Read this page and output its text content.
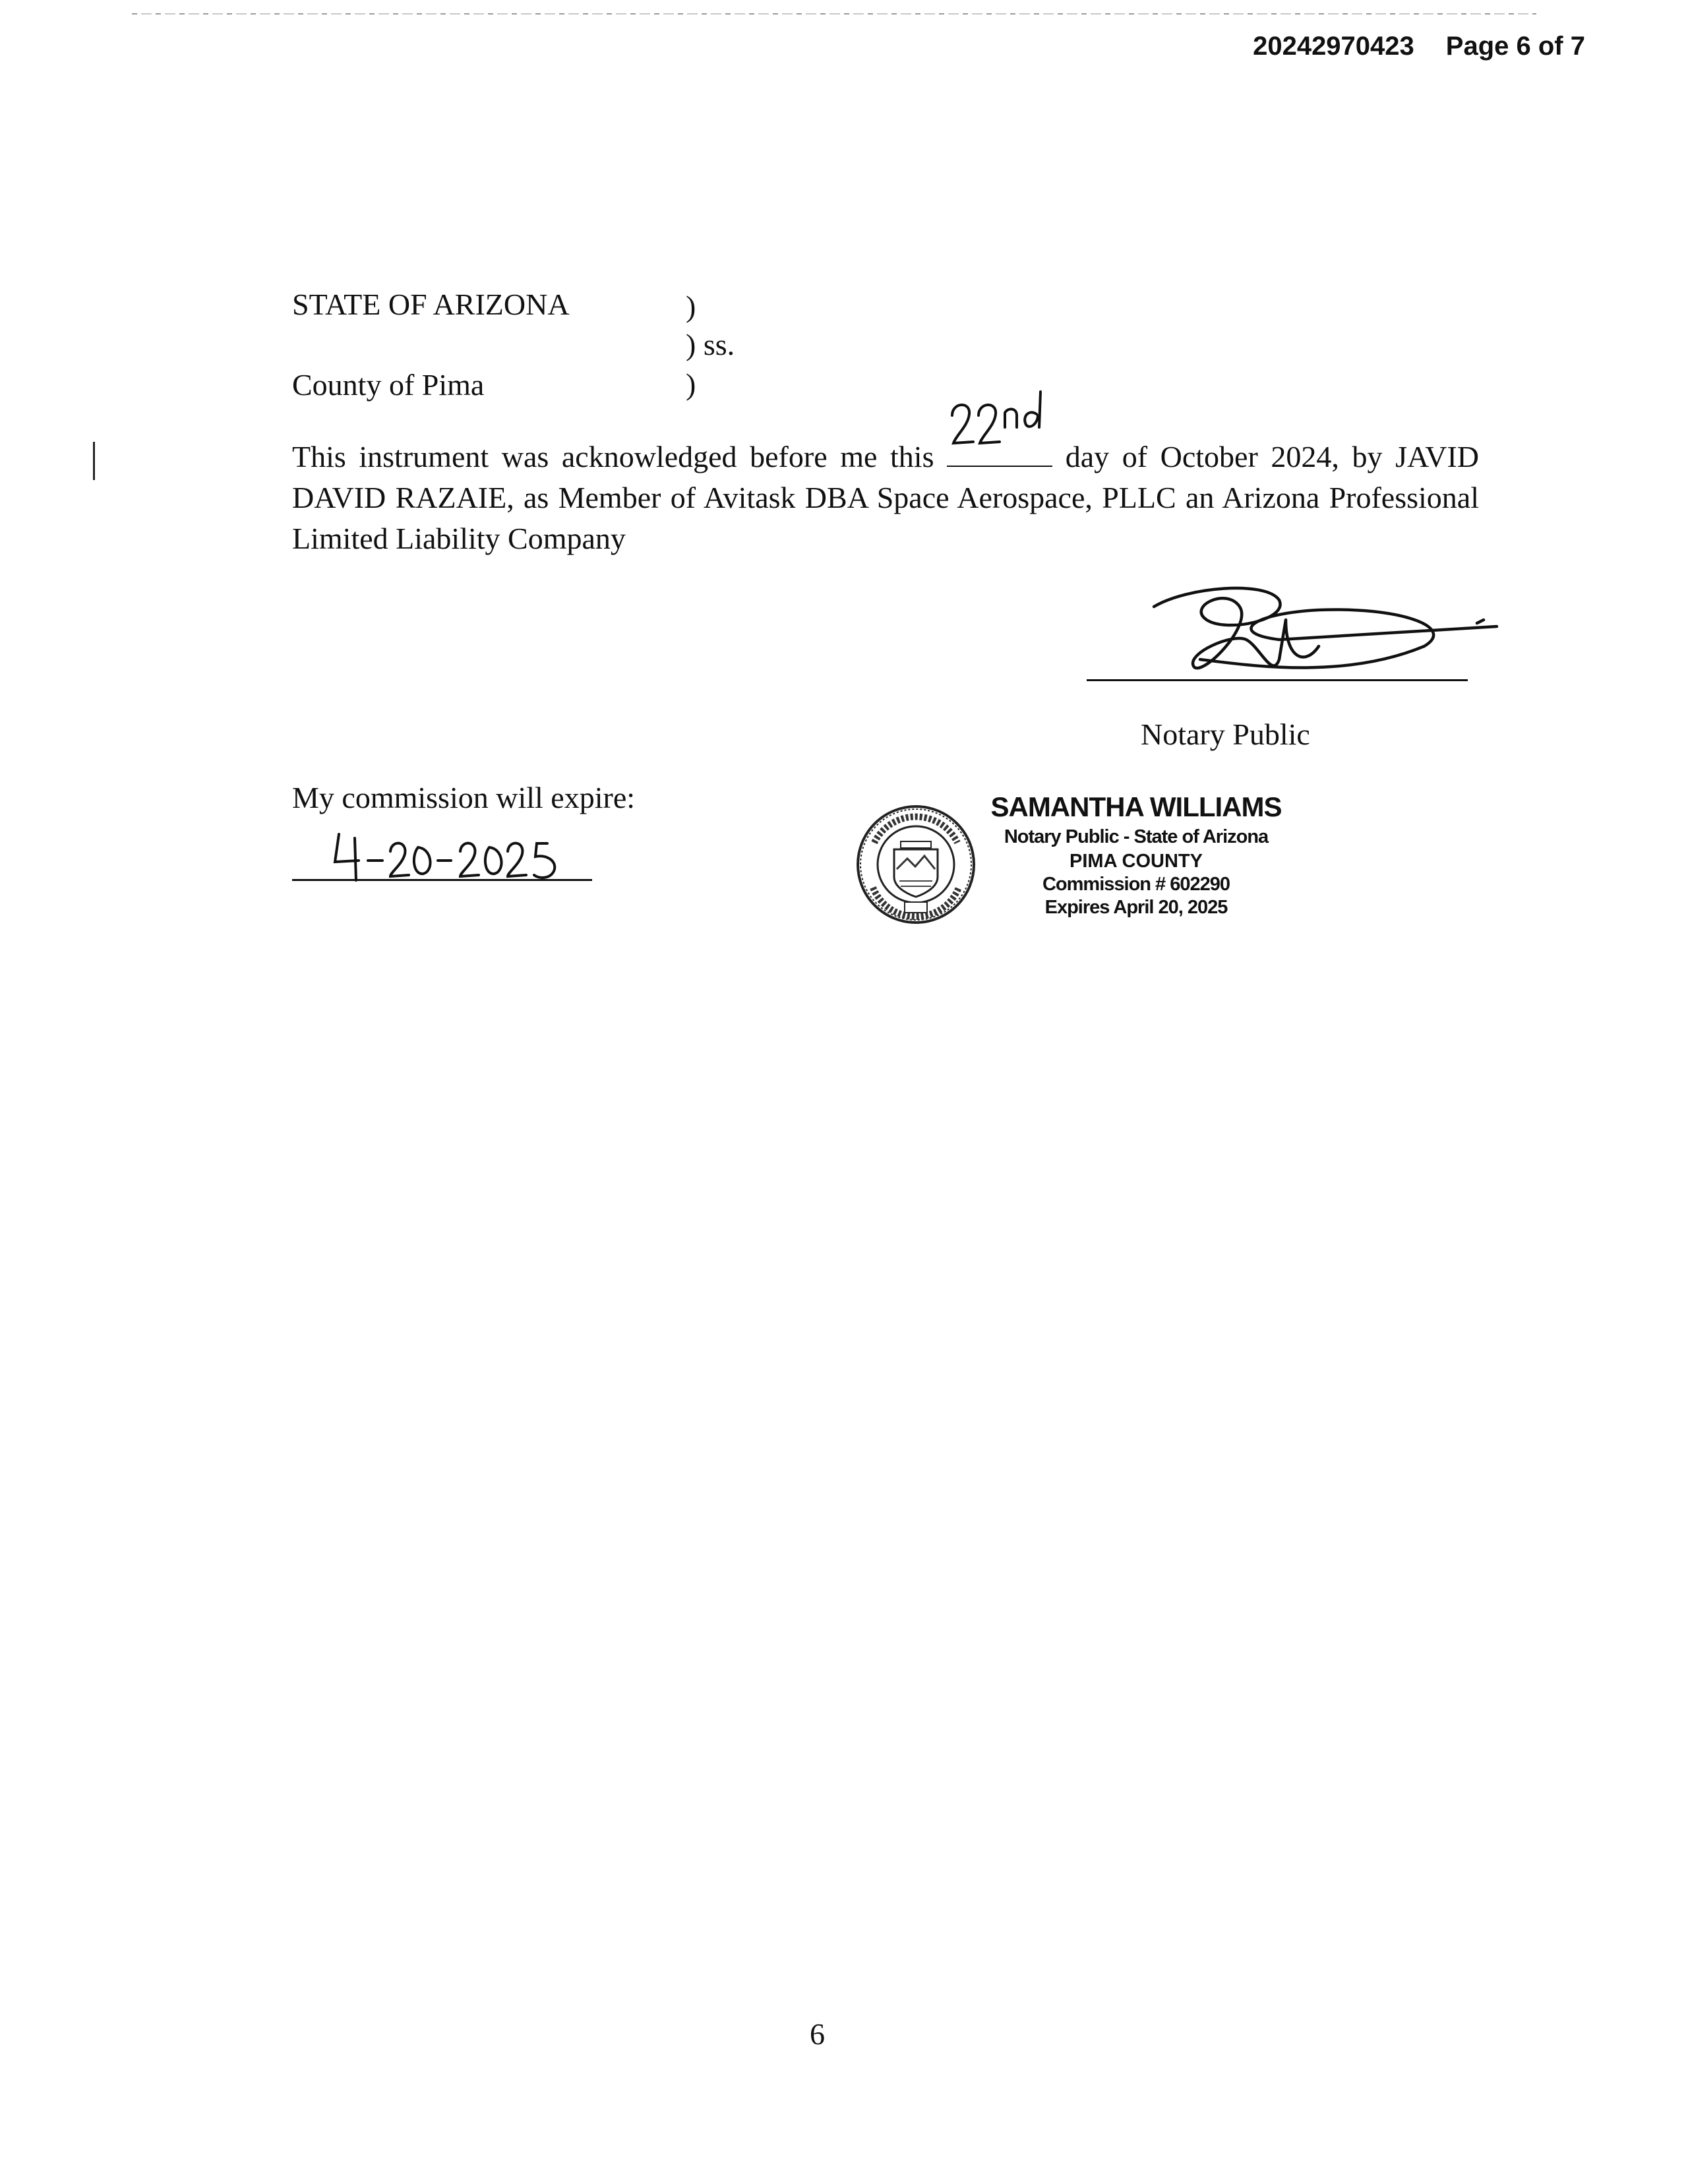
20242970423 Page 6 of 7
STATE OF ARIZONA
County of Pima
)
) ss.
)
This instrument was acknowledged before me this	day of October 2024, by JAVID DAVID RAZAIE, as Member of Avitask DBA Space Aerospace, PLLC an Arizona Professional Limited Liability Company
Notary Public
My commission will expire:	SAMANTHA WILLIAMS
Notary Public - State of Arizona
PIMA COUNTY
Commission # 602290
Expires April 20, 2025
6
